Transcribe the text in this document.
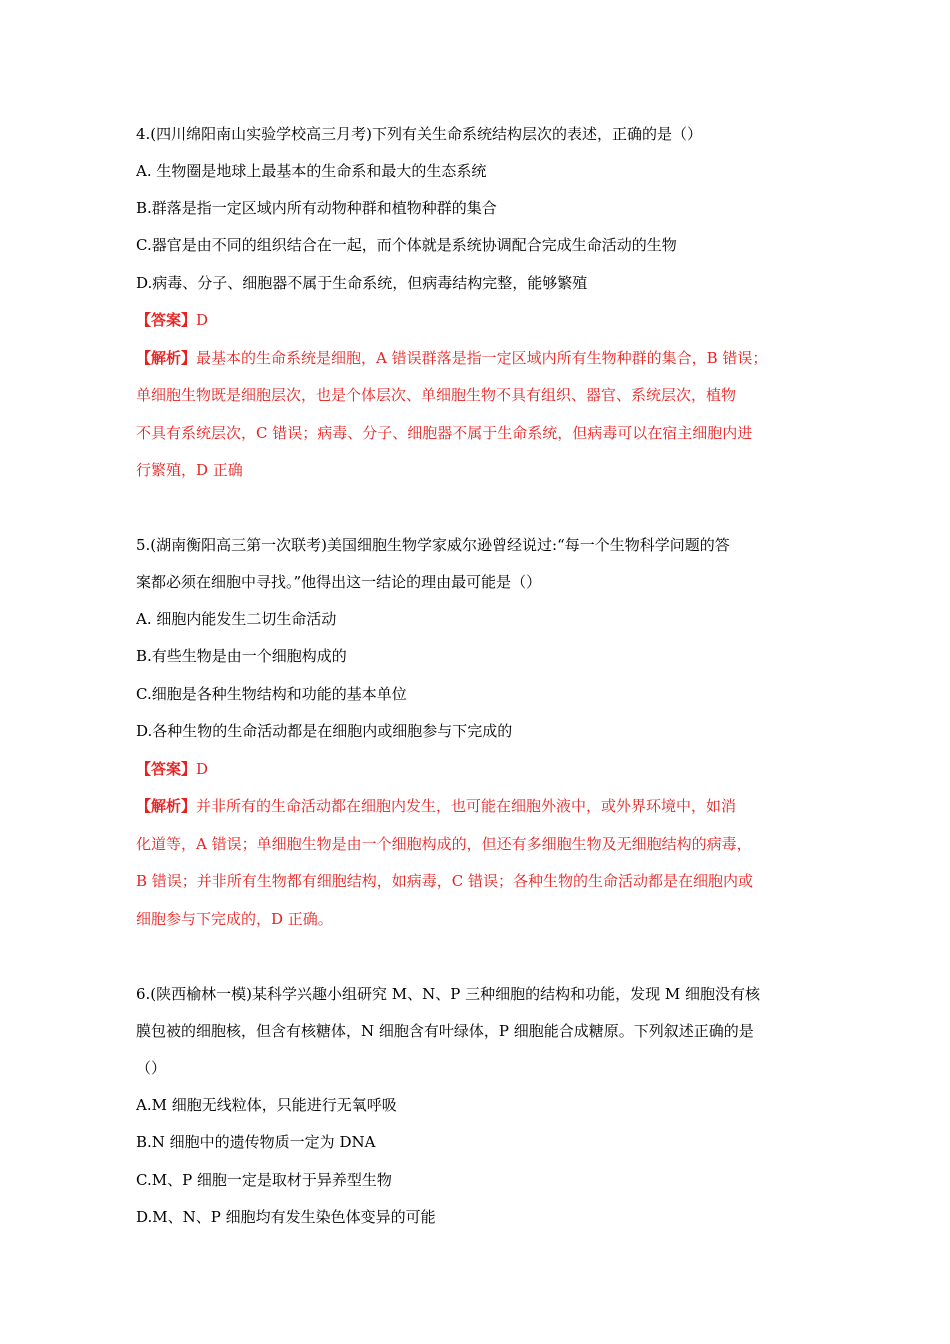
4.(四川绵阳南山实验学校高三月考)下列有关生命系统结构层次的表述，正确的是（）
A. 生物圈是地球上最基本的生命系和最大的生态系统
B.群落是指一定区域内所有动物种群和植物种群的集合
C.器官是由不同的组织结合在一起，而个体就是系统协调配合完成生命活动的生物
D.病毒、分子、细胞器不属于生命系统，但病毒结构完整，能够繁殖
【答案】D
【解析】最基本的生命系统是细胞，A 错误群落是指一定区域内所有生物种群的集合，B 错误；
单细胞生物既是细胞层次，也是个体层次、单细胞生物不具有组织、器官、系统层次，植物
不具有系统层次，C 错误；病毒、分子、细胞器不属于生命系统，但病毒可以在宿主细胞内进
行繁殖，D 正确
5.(湖南衡阳高三第一次联考)美国细胞生物学家威尔逊曾经说过:“每一个生物科学问题的答
案都必须在细胞中寻找。”他得出这一结论的理由最可能是（）
A. 细胞内能发生二切生命活动
B.有些生物是由一个细胞构成的
C.细胞是各种生物结构和功能的基本单位
D.各种生物的生命活动都是在细胞内或细胞参与下完成的
【答案】D
【解析】并非所有的生命活动都在细胞内发生，也可能在细胞外液中，或外界环境中，如消
化道等，A 错误；单细胞生物是由一个细胞构成的，但还有多细胞生物及无细胞结构的病毒，
B 错误；并非所有生物都有细胞结构，如病毒，C 错误；各种生物的生命活动都是在细胞内或
细胞参与下完成的，D 正确。
6.(陕西榆林一模)某科学兴趣小组研究 M、N、P 三种细胞的结构和功能，发现 M 细胞没有核
膜包被的细胞核，但含有核糖体，N 细胞含有叶绿体，P 细胞能合成糖原。下列叙述正确的是
（）
A.M 细胞无线粒体，只能进行无氧呼吸
B.N 细胞中的遗传物质一定为 DNA
C.M、P 细胞一定是取材于异养型生物
D.M、N、P 细胞均有发生染色体变异的可能
